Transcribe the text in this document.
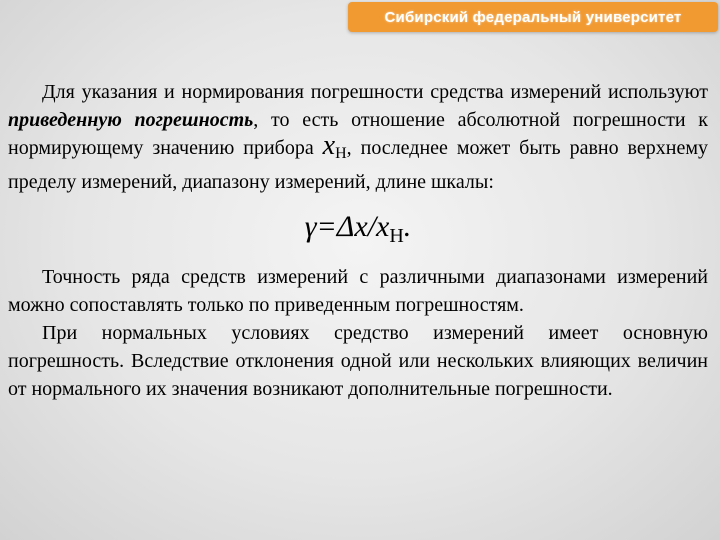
Сибирский федеральный университет

Для указания и нормирования погрешности средства измерений используют приведенную погрешность, то есть отношение абсолютной погрешности к нормирующему значению прибора $x_Н$, последнее может быть равно верхнему пределу измерений, диапазону измерений, длине шкалы:

$\gamma=\Delta x/x_Н$.

Точность ряда средств измерений с различными диапазонами измерений можно сопоставлять только по приведенным погрешностям.

При нормальных условиях средство измерений имеет основную погрешность. Вследствие отклонения одной или нескольких влияющих величин от нормального их значения возникают дополнительные погрешности.
